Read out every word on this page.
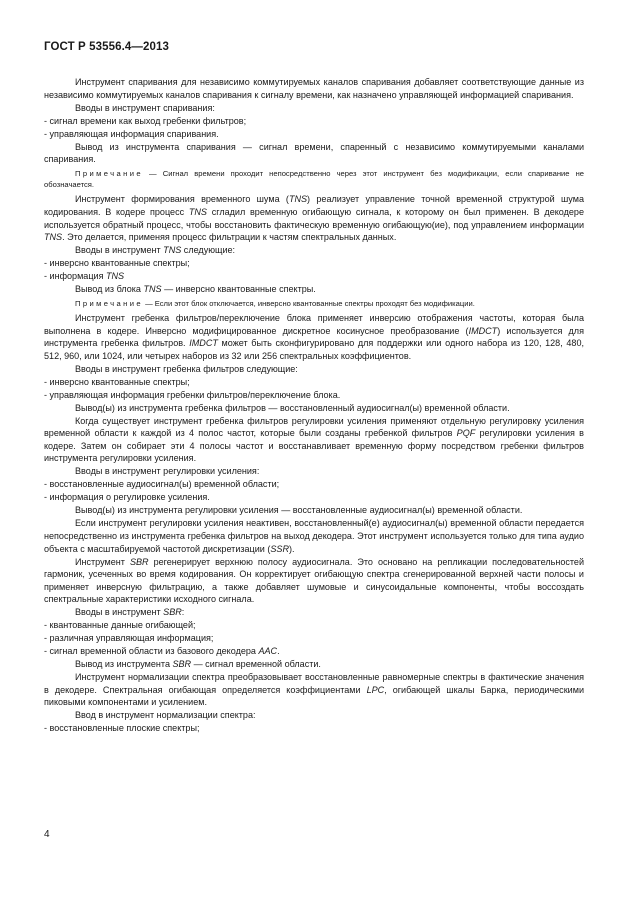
ГОСТ Р 53556.4—2013

Инструмент спаривания для независимо коммутируемых каналов спаривания добавляет соответствующие данные из независимо коммутируемых каналов спаривания к сигналу времени, как назначено управляющей информацией спаривания.

Вводы в инструмент спаривания:

- сигнал времени как выход гребенки фильтров;

- управляющая информация спаривания.

Вывод из инструмента спаривания — сигнал времени, спаренный с независимо коммутируемыми каналами спаривания.

Примечание — Сигнал времени проходит непосредственно через этот инструмент без модификации, если спаривание не обозначается.

Инструмент формирования временного шума (TNS) реализует управление точной временной структурой шума кодирования. В кодере процесс TNS сгладил временную огибающую сигнала, к которому он был применен. В декодере используется обратный процесс, чтобы восстановить фактическую временную огибающую(ие), под управлением информации TNS. Это делается, применяя процесс фильтрации к частям спектральных данных.

Вводы в инструмент TNS следующие:

- инверсно квантованные спектры;

- информация TNS

Вывод из блока TNS — инверсно квантованные спектры.

Примечание — Если этот блок отключается, инверсно квантованные спектры проходят без модификации.

Инструмент гребенка фильтров/переключение блока применяет инверсию отображения частоты, которая была выполнена в кодере. Инверсно модифицированное дискретное косинусное преобразование (IMDCT) используется для инструмента гребенка фильтров. IMDCT может быть сконфигурировано для поддержки или одного набора из 120, 128, 480, 512, 960, или 1024, или четырех наборов из 32 или 256 спектральных коэффициентов.

Вводы в инструмент гребенка фильтров следующие:

- инверсно квантованные спектры;

- управляющая информация гребенки фильтров/переключение блока.

Вывод(ы) из инструмента гребенка фильтров — восстановленный аудиосигнал(ы) временной области.

Когда существует инструмент гребенка фильтров регулировки усиления применяют отдельную регулировку усиления временной области к каждой из 4 полос частот, которые были созданы гребенкой фильтров PQF регулировки усиления в кодере. Затем он собирает эти 4 полосы частот и восстанавливает временную форму посредством гребенки фильтров инструмента регулировки усиления.

Вводы в инструмент регулировки усиления:

- восстановленные аудиосигнал(ы) временной области;

- информация о регулировке усиления.

Вывод(ы) из инструмента регулировки усиления — восстановленные аудиосигнал(ы) временной области.

Если инструмент регулировки усиления неактивен, восстановленный(е) аудиосигнал(ы) временной области передается непосредственно из инструмента гребенка фильтров на выход декодера. Этот инструмент используется только для типа аудио объекта с масштабируемой частотой дискретизации (SSR).

Инструмент SBR регенерирует верхнюю полосу аудиосигнала. Это основано на репликации последовательностей гармоник, усеченных во время кодирования. Он корректирует огибающую спектра сгенерированной верхней части полосы и применяет инверсную фильтрацию, а также добавляет шумовые и синусоидальные компоненты, чтобы воссоздать спектральные характеристики исходного сигнала.

Вводы в инструмент SBR:

- квантованные данные огибающей;

- различная управляющая информация;

- сигнал временной области из базового декодера AAC.

Вывод из инструмента SBR — сигнал временной области.

Инструмент нормализации спектра преобразовывает восстановленные равномерные спектры в фактические значения в декодере. Спектральная огибающая определяется коэффициентами LPC, огибающей шкалы Барка, периодическими пиковыми компонентами и усилением.

Ввод в инструмент нормализации спектра:

- восстановленные плоские спектры;

4
